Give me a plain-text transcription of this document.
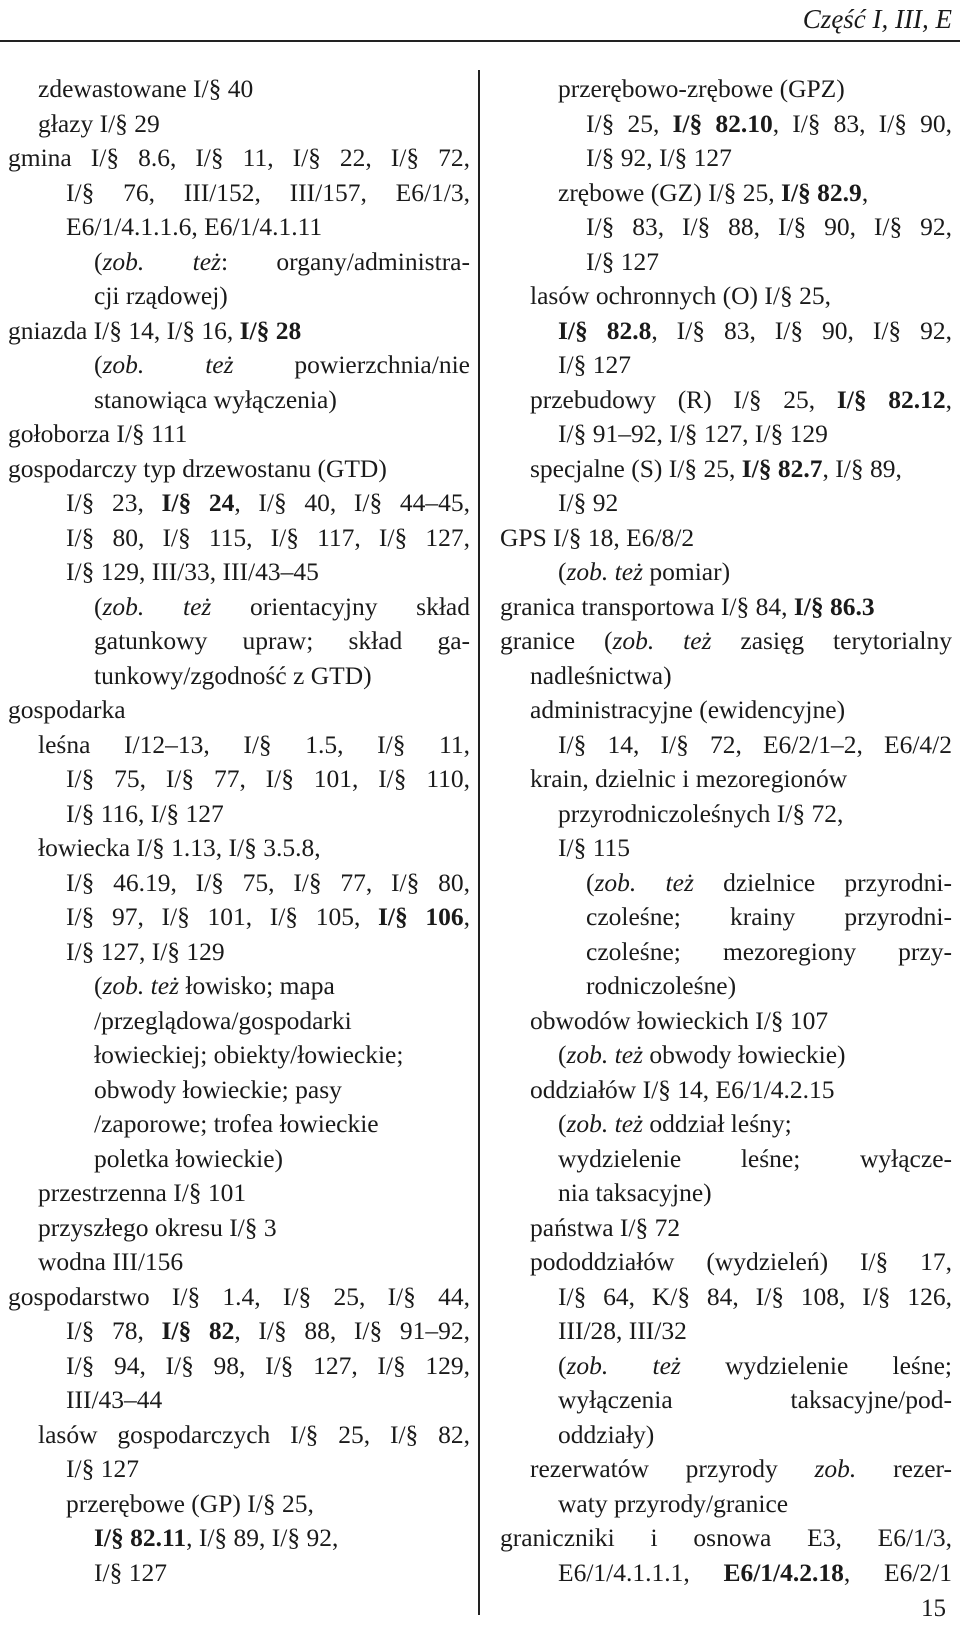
Część I, III, E
zdewastowane I/§ 40
głazy I/§ 29
gmina I/§ 8.6, I/§ 11, I/§ 22, I/§ 72,
I/§ 76, III/152, III/157, E6/1/3,
E6/1/4.1.1.6, E6/1/4.1.11
(zob. też: organy/administra-
cji rządowej)
gniazda I/§ 14, I/§ 16, I/§ 28
(zob. też powierzchnia/nie
stanowiąca wyłączenia)
gołoborza I/§ 111
gospodarczy typ drzewostanu (GTD)
I/§ 23, I/§ 24, I/§ 40, I/§ 44–45,
I/§ 80, I/§ 115, I/§ 117, I/§ 127,
I/§ 129, III/33, III/43–45
(zob. też orientacyjny skład
gatunkowy upraw; skład ga-
tunkowy/zgodność z GTD)
gospodarka
leśna I/12–13, I/§ 1.5, I/§ 11,
I/§ 75, I/§ 77, I/§ 101, I/§ 110,
I/§ 116, I/§ 127
łowiecka I/§ 1.13, I/§ 3.5.8,
I/§ 46.19, I/§ 75, I/§ 77, I/§ 80,
I/§ 97, I/§ 101, I/§ 105, I/§ 106,
I/§ 127, I/§ 129
(zob. też łowisko; mapa
/przeglądowa/gospodarki
łowieckiej; obiekty/łowieckie;
obwody łowieckie; pasy
/zaporowe; trofea łowieckie
poletka łowieckie)
przestrzenna I/§ 101
przyszłego okresu I/§ 3
wodna III/156
gospodarstwo I/§ 1.4, I/§ 25, I/§ 44,
I/§ 78, I/§ 82, I/§ 88, I/§ 91–92,
I/§ 94, I/§ 98, I/§ 127, I/§ 129,
III/43–44
lasów gospodarczych I/§ 25, I/§ 82,
I/§ 127
przerębowe (GP) I/§ 25,
I/§ 82.11, I/§ 89, I/§ 92,
I/§ 127
przerębowo-zrębowe (GPZ)
I/§ 25, I/§ 82.10, I/§ 83, I/§ 90,
I/§ 92, I/§ 127
zrębowe (GZ) I/§ 25, I/§ 82.9,
I/§ 83, I/§ 88, I/§ 90, I/§ 92,
I/§ 127
lasów ochronnych (O) I/§ 25,
I/§ 82.8, I/§ 83, I/§ 90, I/§ 92,
I/§ 127
przebudowy (R) I/§ 25, I/§ 82.12,
I/§ 91–92, I/§ 127, I/§ 129
specjalne (S) I/§ 25, I/§ 82.7, I/§ 89,
I/§ 92
GPS I/§ 18, E6/8/2
(zob. też pomiar)
granica transportowa I/§ 84, I/§ 86.3
granice (zob. też zasięg terytorialny
nadleśnictwa)
administracyjne (ewidencyjne)
I/§ 14, I/§ 72, E6/2/1–2, E6/4/2
krain, dzielnic i mezoregionów
przyrodniczoleśnych I/§ 72,
I/§ 115
(zob. też dzielnice przyrodni-
czoleśne; krainy przyrodni-
czoleśne; mezoregiony przy-
rodniczoleśne)
obwodów łowieckich I/§ 107
(zob. też obwody łowieckie)
oddziałów I/§ 14, E6/1/4.2.15
(zob. też oddział leśny;
wydzielenie leśne; wyłącze-
nia taksacyjne)
państwa I/§ 72
pododdziałów (wydzieleń) I/§ 17,
I/§ 64, K/§ 84, I/§ 108, I/§ 126,
III/28, III/32
(zob. też wydzielenie leśne;
wyłączenia taksacyjne/pod-
oddziały)
rezerwatów przyrody zob. rezer-
waty przyrody/granice
graniczniki i osnowa E3, E6/1/3,
E6/1/4.1.1.1, E6/1/4.2.18, E6/2/1
15
